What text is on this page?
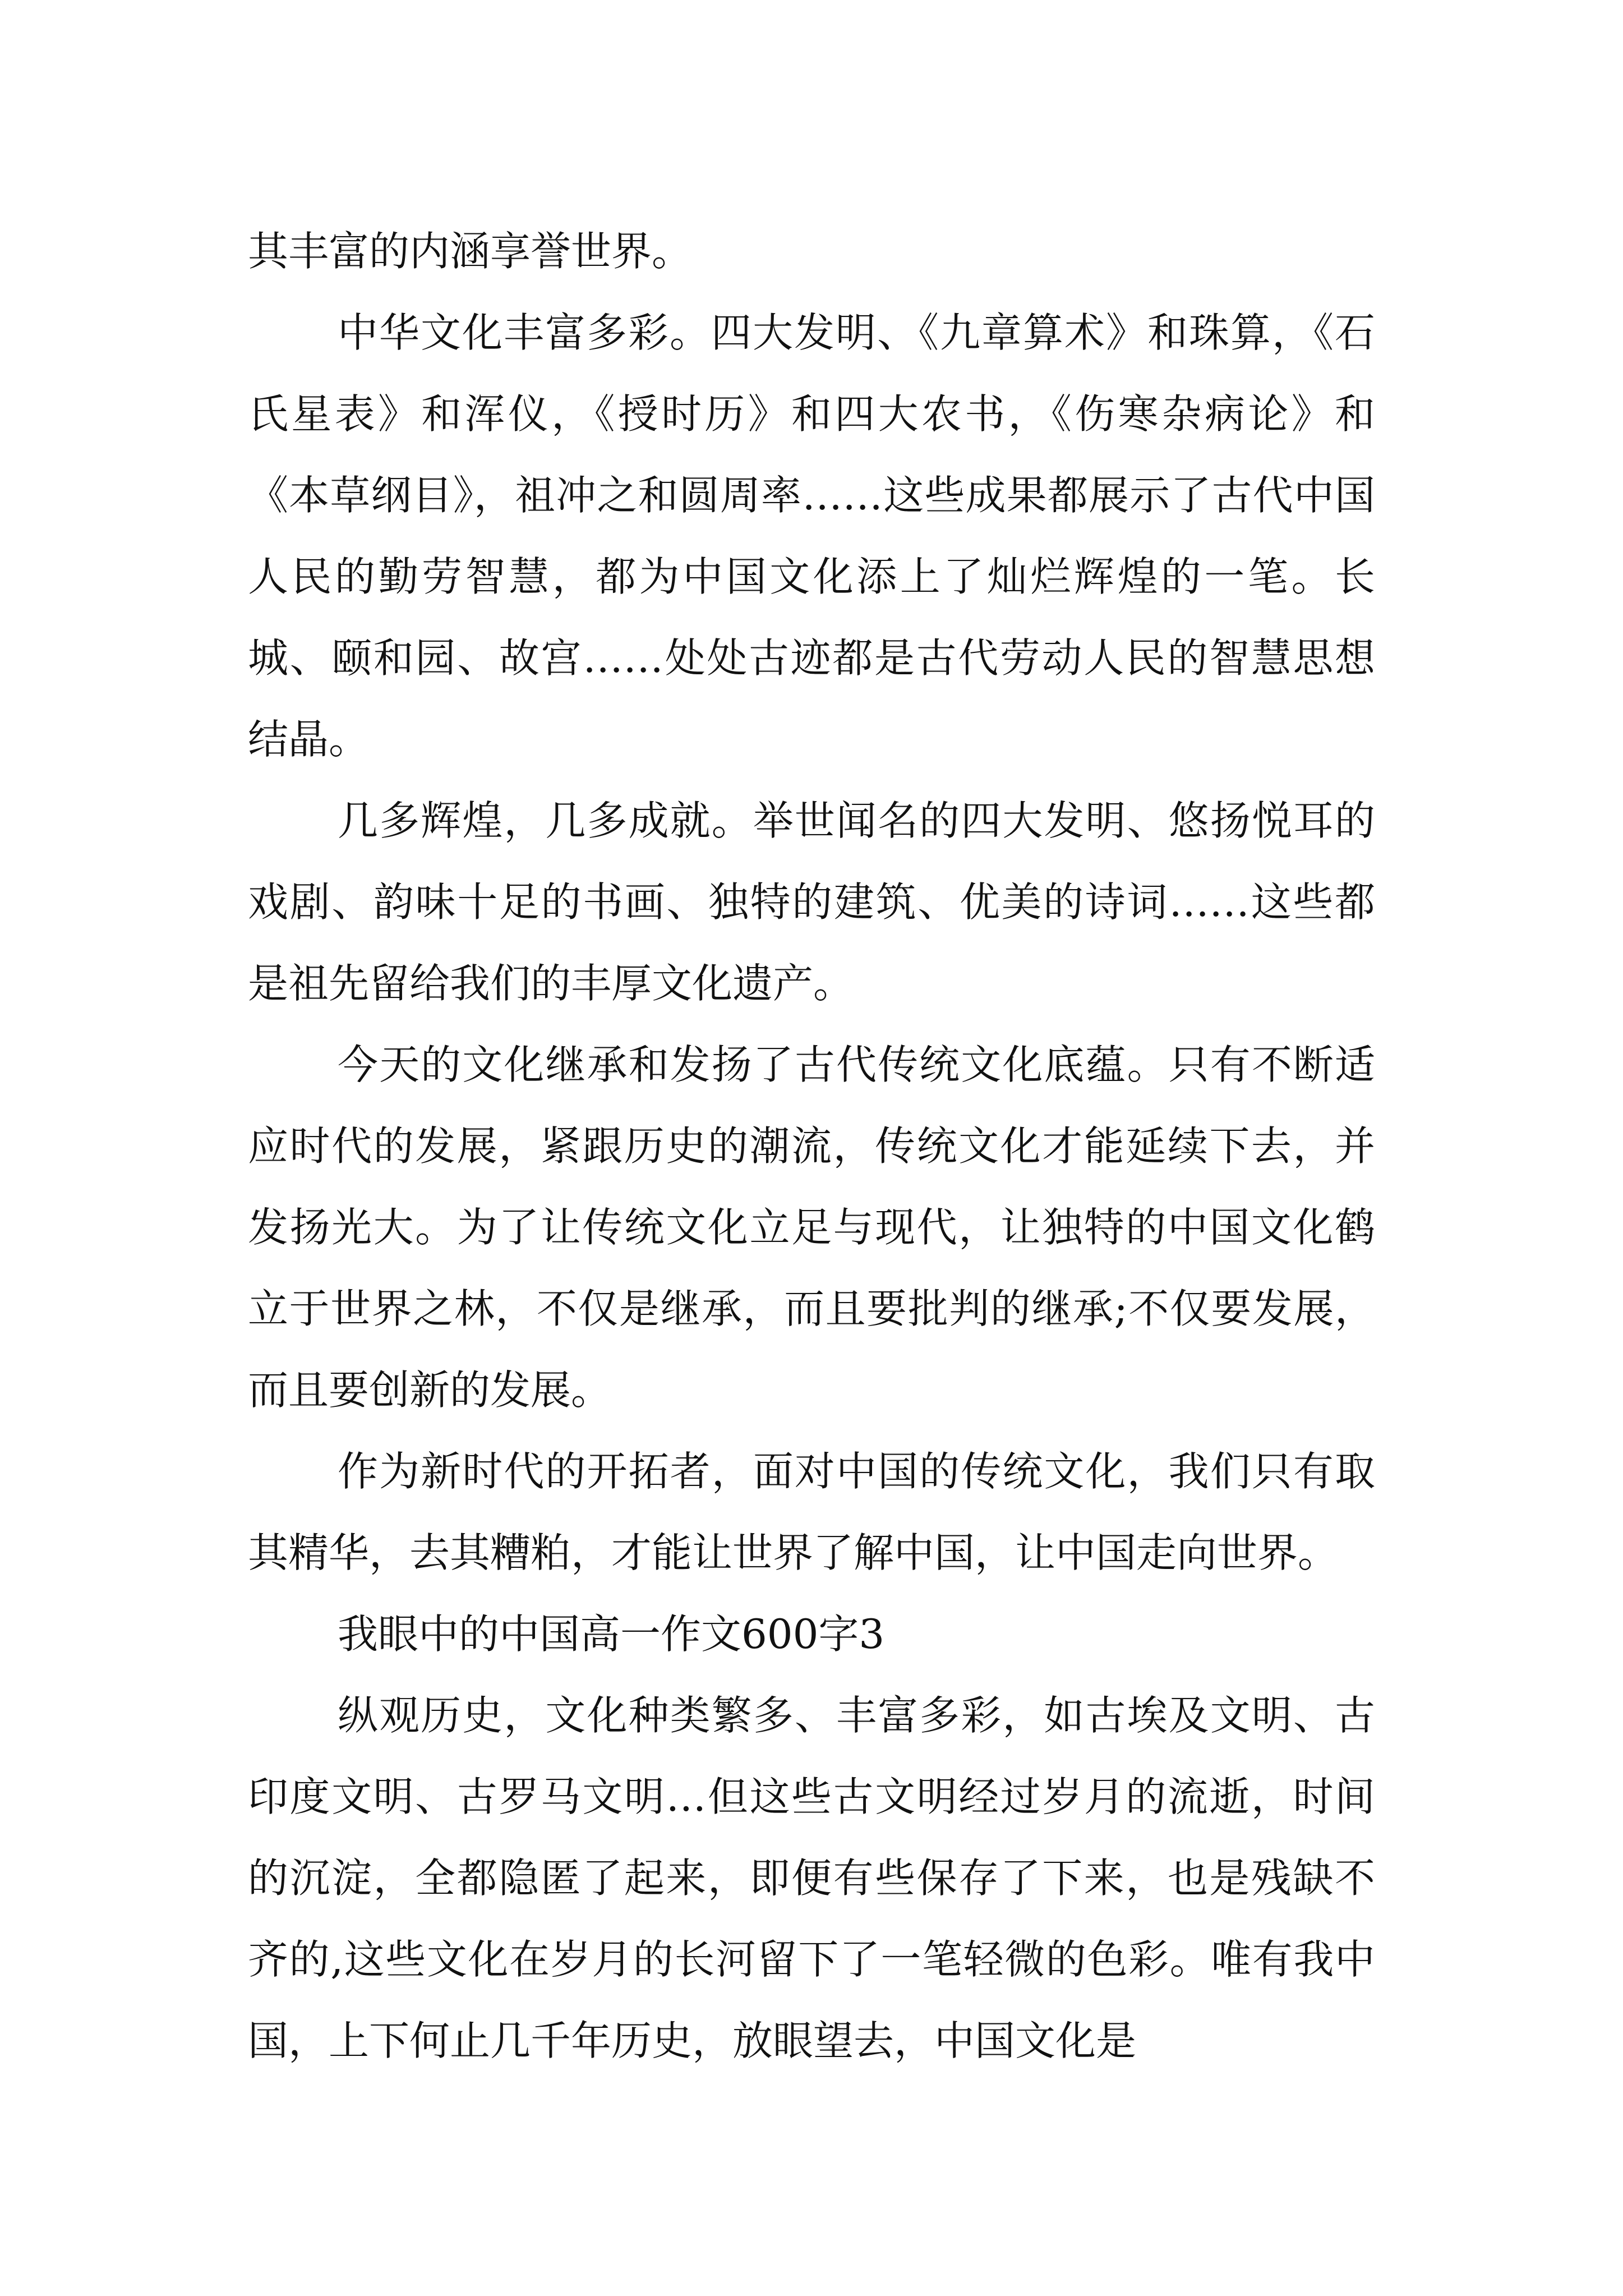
其丰富的内涵享誉世界。

中华文化丰富多彩。四大发明、《九章算术》和珠算，《石氏星表》和浑仪，《授时历》和四大农书，《伤寒杂病论》和《本草纲目》，祖冲之和圆周率……这些成果都展示了古代中国人民的勤劳智慧，都为中国文化添上了灿烂辉煌的一笔。长城、颐和园、故宫……处处古迹都是古代劳动人民的智慧思想结晶。

几多辉煌，几多成就。举世闻名的四大发明、悠扬悦耳的戏剧、韵味十足的书画、独特的建筑、优美的诗词……这些都是祖先留给我们的丰厚文化遗产。

今天的文化继承和发扬了古代传统文化底蕴。只有不断适应时代的发展，紧跟历史的潮流，传统文化才能延续下去，并发扬光大。为了让传统文化立足与现代，让独特的中国文化鹤立于世界之林，不仅是继承，而且要批判的继承;不仅要发展，而且要创新的发展。

作为新时代的开拓者，面对中国的传统文化，我们只有取其精华，去其糟粕，才能让世界了解中国，让中国走向世界。

我眼中的中国高一作文600字3

纵观历史，文化种类繁多、丰富多彩，如古埃及文明、古印度文明、古罗马文明…但这些古文明经过岁月的流逝，时间的沉淀，全都隐匿了起来，即便有些保存了下来，也是残缺不齐的,这些文化在岁月的长河留下了一笔轻微的色彩。唯有我中国，上下何止几千年历史，放眼望去，中国文化是
